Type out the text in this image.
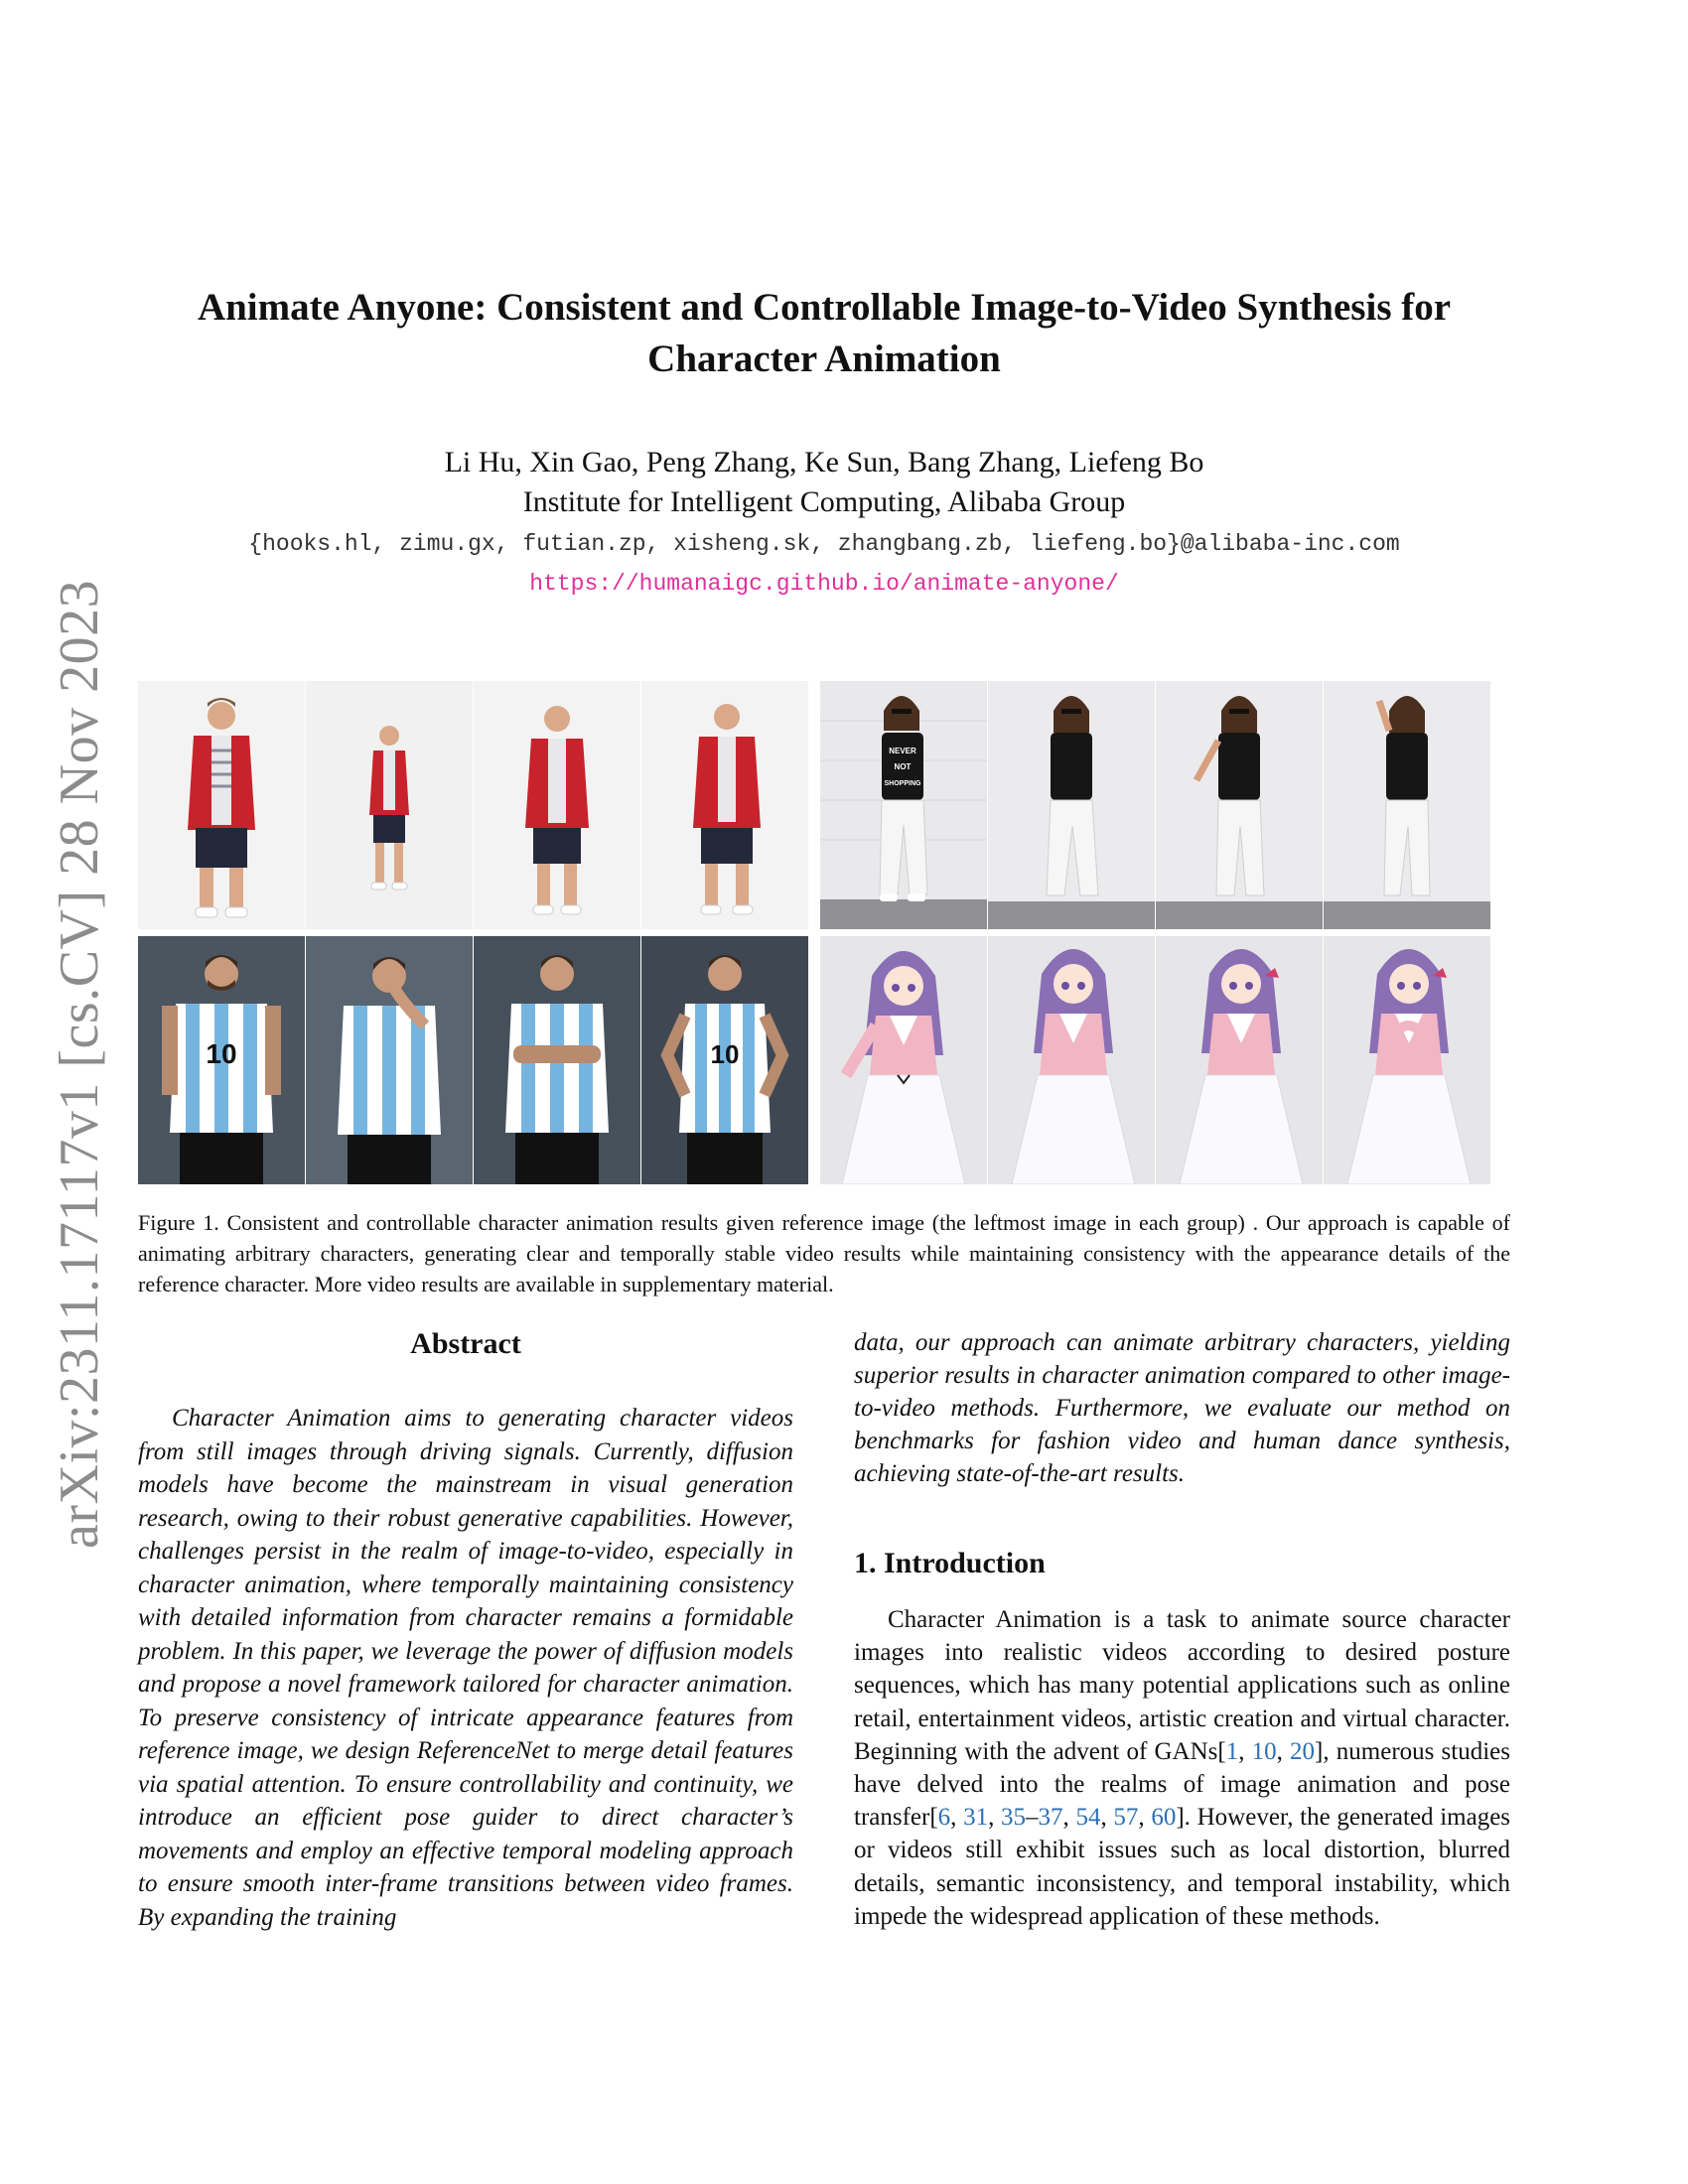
arXiv:2311.17117v1 [cs.CV] 28 Nov 2023
Animate Anyone: Consistent and Controllable Image-to-Video Synthesis for Character Animation
Li Hu, Xin Gao, Peng Zhang, Ke Sun, Bang Zhang, Liefeng Bo
Institute for Intelligent Computing, Alibaba Group
{hooks.hl, zimu.gx, futian.zp, xisheng.sk, zhangbang.zb, liefeng.bo}@alibaba-inc.com
https://humanaigc.github.io/animate-anyone/
NEVER
NOT
SHOPPING
10	10
Figure 1. Consistent and controllable character animation results given reference image (the leftmost image in each group) . Our approach is capable of animating arbitrary characters, generating clear and temporally stable video results while maintaining consistency with the appearance details of the reference character. More video results are available in supplementary material.
Abstract

Character Animation aims to generating character videos from still images through driving signals. Currently, diffusion models have become the mainstream in visual generation research, owing to their robust generative capabilities. However, challenges persist in the realm of image-to-video, especially in character animation, where temporally maintaining consistency with detailed information from character remains a formidable problem. In this paper, we leverage the power of diffusion models and propose a novel framework tailored for character animation. To preserve consistency of intricate appearance features from reference image, we design ReferenceNet to merge detail features via spatial attention. To ensure controllability and continuity, we introduce an efficient pose guider to direct character’s movements and employ an effective temporal modeling approach to ensure smooth inter-frame transitions between video frames. By expanding the training

data, our approach can animate arbitrary characters, yielding superior results in character animation compared to other image-to-video methods. Furthermore, we evaluate our method on benchmarks for fashion video and human dance synthesis, achieving state-of-the-art results.

1. Introduction

Character Animation is a task to animate source character images into realistic videos according to desired posture sequences, which has many potential applications such as online retail, entertainment videos, artistic creation and virtual character. Beginning with the advent of GANs[1, 10, 20], numerous studies have delved into the realms of image animation and pose transfer[6, 31, 35–37, 54, 57, 60]. However, the generated images or videos still exhibit issues such as local distortion, blurred details, semantic inconsistency, and temporal instability, which impede the widespread application of these methods.
